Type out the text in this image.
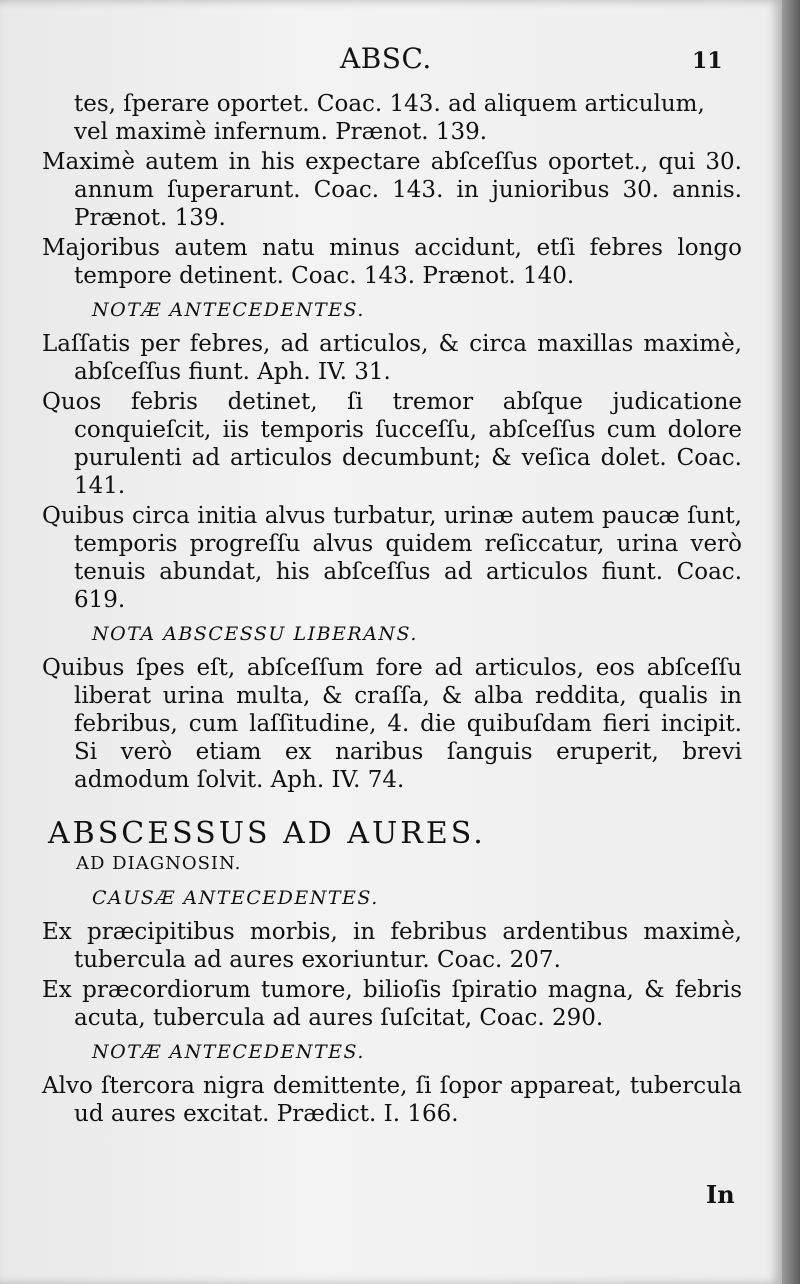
ABSC.	11
tes, ſperare oportet. Coac. 143. ad aliquem articulum, vel maximè infernum. Prænot. 139.
Maximè autem in his expectare abſceſſus oportet., qui 30. annum ſuperarunt. Coac. 143. in junioribus 30. annis. Prænot. 139.
Majoribus autem natu minus accidunt, etſi febres longo tempore detinent. Coac. 143. Prænot. 140.
NOTÆ ANTECEDENTES.
Laſſatis per febres, ad articulos, & circa maxillas maximè, abſceſſus fiunt. Aph. IV. 31.
Quos febris detinet, ſi tremor abſque judicatione conquieſcit, iis temporis ſucceſſu, abſceſſus cum dolore purulenti ad articulos decumbunt; & veſica dolet. Coac. 141.
Quibus circa initia alvus turbatur, urinæ autem paucæ ſunt, temporis progreſſu alvus quidem reſiccatur, urina verò tenuis abundat, his abſceſſus ad articulos fiunt. Coac. 619.
NOTA ABSCESSU LIBERANS.
Quibus ſpes eſt, abſceſſum fore ad articulos, eos abſceſſu liberat urina multa, & craſſa, & alba reddita, qualis in febribus, cum laſſitudine, 4. die quibuſdam fieri incipit. Si verò etiam ex naribus ſanguis eruperit, brevi admodum ſolvit. Aph. IV. 74.
ABSCESSUS AD AURES.
AD DIAGNOSIN.
CAUSÆ ANTECEDENTES.
Ex præcipitibus morbis, in febribus ardentibus maximè, tubercula ad aures exoriuntur. Coac. 207.
Ex præcordiorum tumore, bilioſis ſpiratio magna, & febris acuta, tubercula ad aures ſuſcitat, Coac. 290.
NOTÆ ANTECEDENTES.
Alvo ſtercora nigra demittente, ſi ſopor appareat, tubercula ud aures excitat. Prædict. I. 166.
In
